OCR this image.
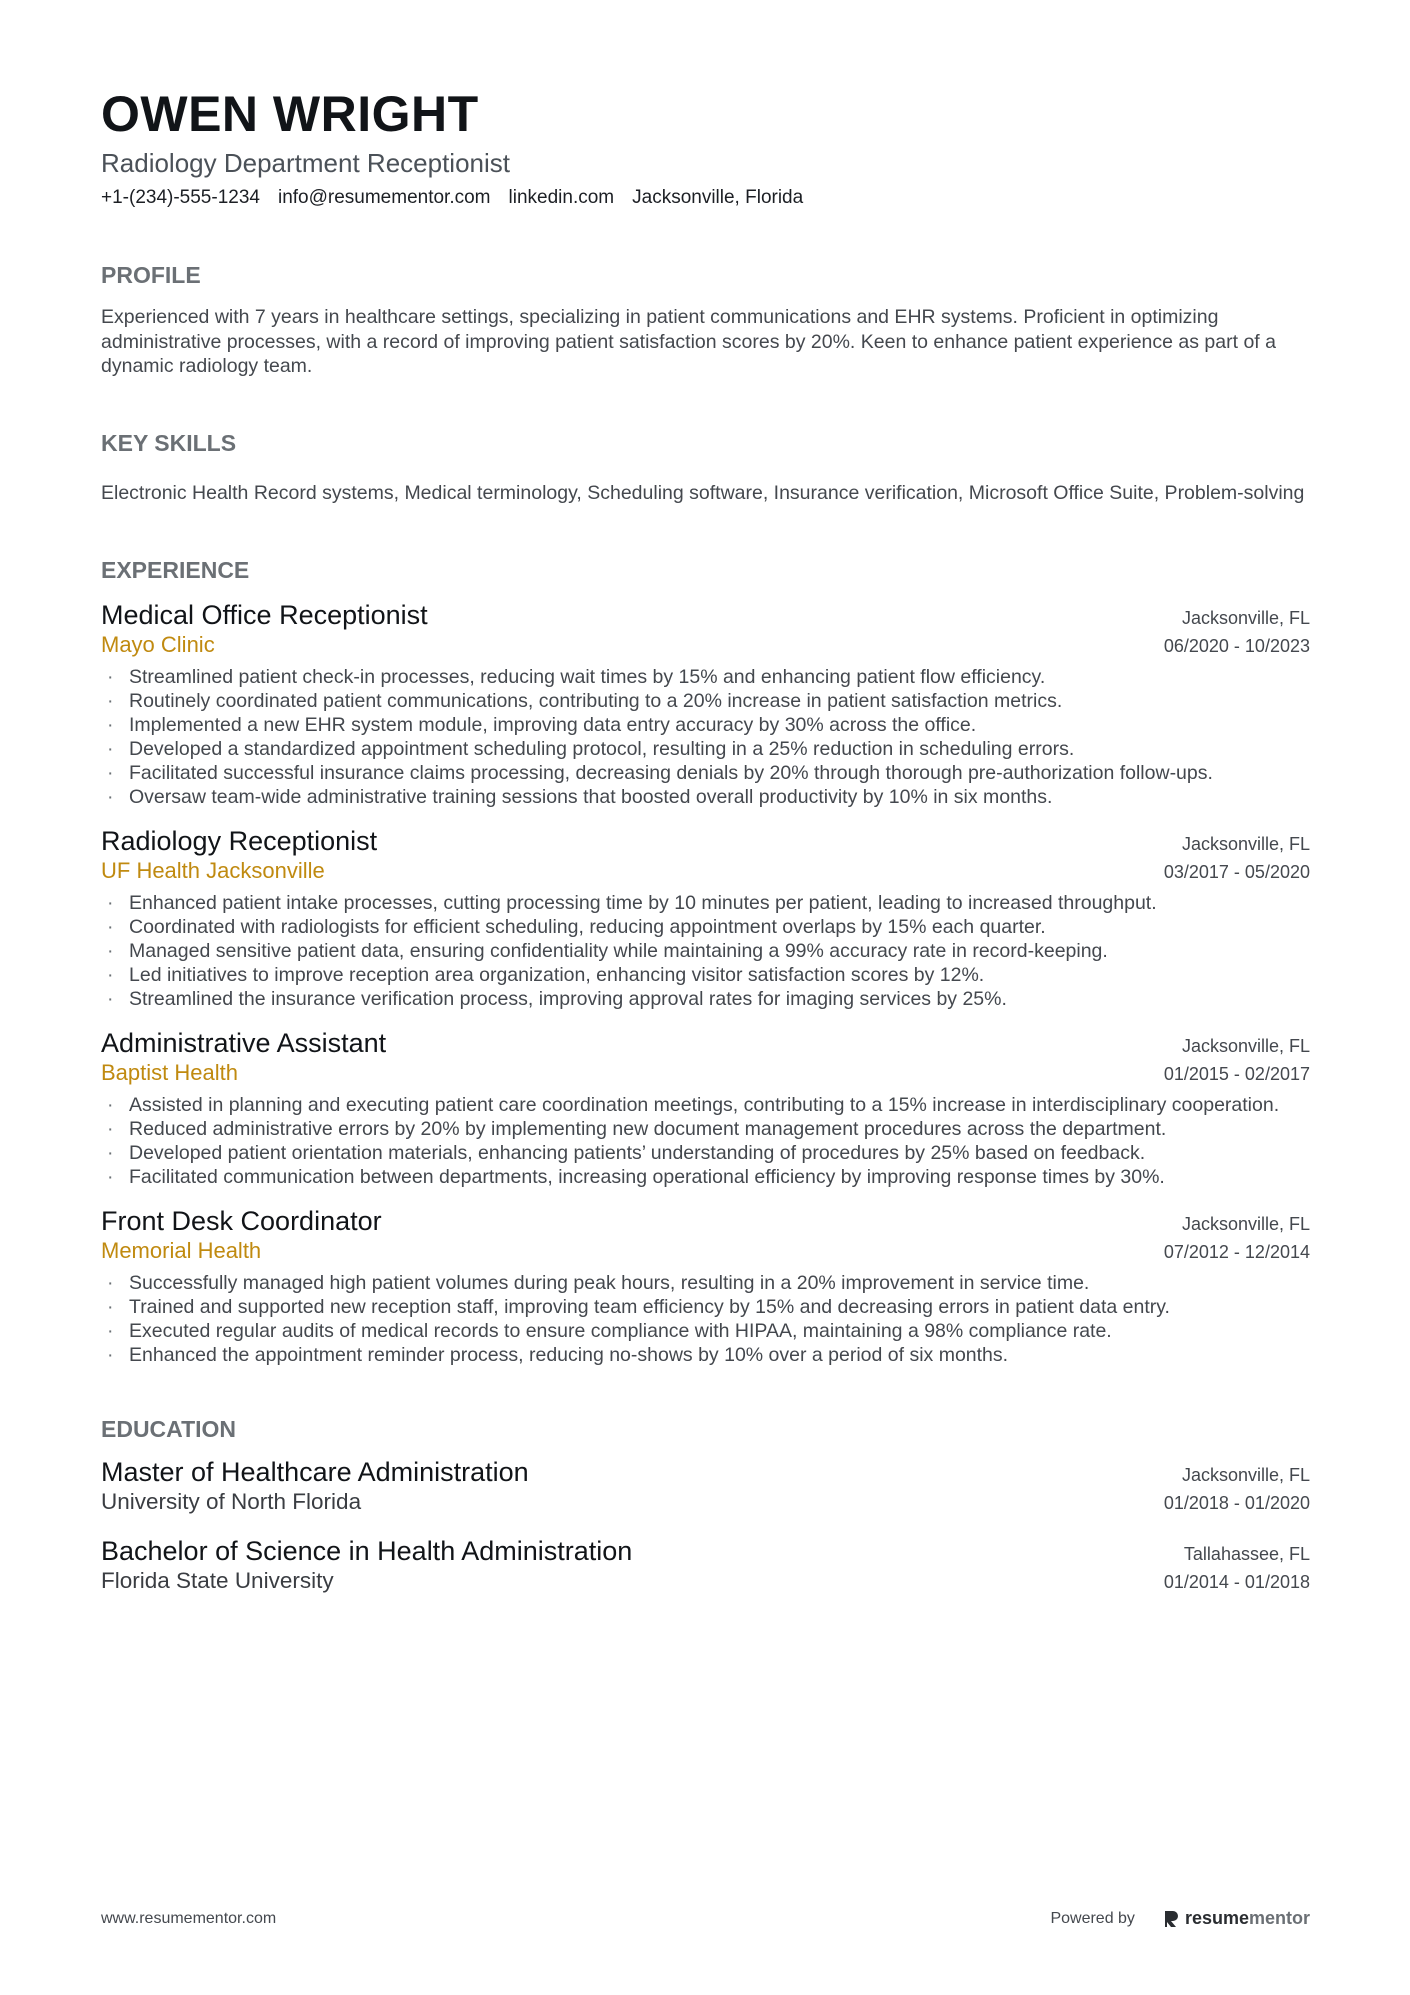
OWEN WRIGHT
Radiology Department Receptionist
+1-(234)-555-1234 info@resumementor.com linkedin.com Jacksonville, Florida
PROFILE
Experienced with 7 years in healthcare settings, specializing in patient communications and EHR systems. Proficient in optimizing administrative processes, with a record of improving patient satisfaction scores by 20%. Keen to enhance patient experience as part of a dynamic radiology team.
KEY SKILLS
Electronic Health Record systems, Medical terminology, Scheduling software, Insurance verification, Microsoft Office Suite, Problem-solving
EXPERIENCE
Medical Office Receptionist	Jacksonville, FL
Mayo Clinic	06/2020 - 10/2023
· Streamlined patient check-in processes, reducing wait times by 15% and enhancing patient flow efficiency.
· Routinely coordinated patient communications, contributing to a 20% increase in patient satisfaction metrics.
· Implemented a new EHR system module, improving data entry accuracy by 30% across the office.
· Developed a standardized appointment scheduling protocol, resulting in a 25% reduction in scheduling errors.
· Facilitated successful insurance claims processing, decreasing denials by 20% through thorough pre-authorization follow-ups.
· Oversaw team-wide administrative training sessions that boosted overall productivity by 10% in six months.
Radiology Receptionist	Jacksonville, FL
UF Health Jacksonville	03/2017 - 05/2020
· Enhanced patient intake processes, cutting processing time by 10 minutes per patient, leading to increased throughput.
· Coordinated with radiologists for efficient scheduling, reducing appointment overlaps by 15% each quarter.
· Managed sensitive patient data, ensuring confidentiality while maintaining a 99% accuracy rate in record-keeping.
· Led initiatives to improve reception area organization, enhancing visitor satisfaction scores by 12%.
· Streamlined the insurance verification process, improving approval rates for imaging services by 25%.
Administrative Assistant	Jacksonville, FL
Baptist Health	01/2015 - 02/2017
· Assisted in planning and executing patient care coordination meetings, contributing to a 15% increase in interdisciplinary cooperation.
· Reduced administrative errors by 20% by implementing new document management procedures across the department.
· Developed patient orientation materials, enhancing patients’ understanding of procedures by 25% based on feedback.
· Facilitated communication between departments, increasing operational efficiency by improving response times by 30%.
Front Desk Coordinator	Jacksonville, FL
Memorial Health	07/2012 - 12/2014
· Successfully managed high patient volumes during peak hours, resulting in a 20% improvement in service time.
· Trained and supported new reception staff, improving team efficiency by 15% and decreasing errors in patient data entry.
· Executed regular audits of medical records to ensure compliance with HIPAA, maintaining a 98% compliance rate.
· Enhanced the appointment reminder process, reducing no-shows by 10% over a period of six months.
EDUCATION
Master of Healthcare Administration	Jacksonville, FL
University of North Florida	01/2018 - 01/2020
Bachelor of Science in Health Administration	Tallahassee, FL
Florida State University	01/2014 - 01/2018
www.resumementor.com	Powered by	resumementor
